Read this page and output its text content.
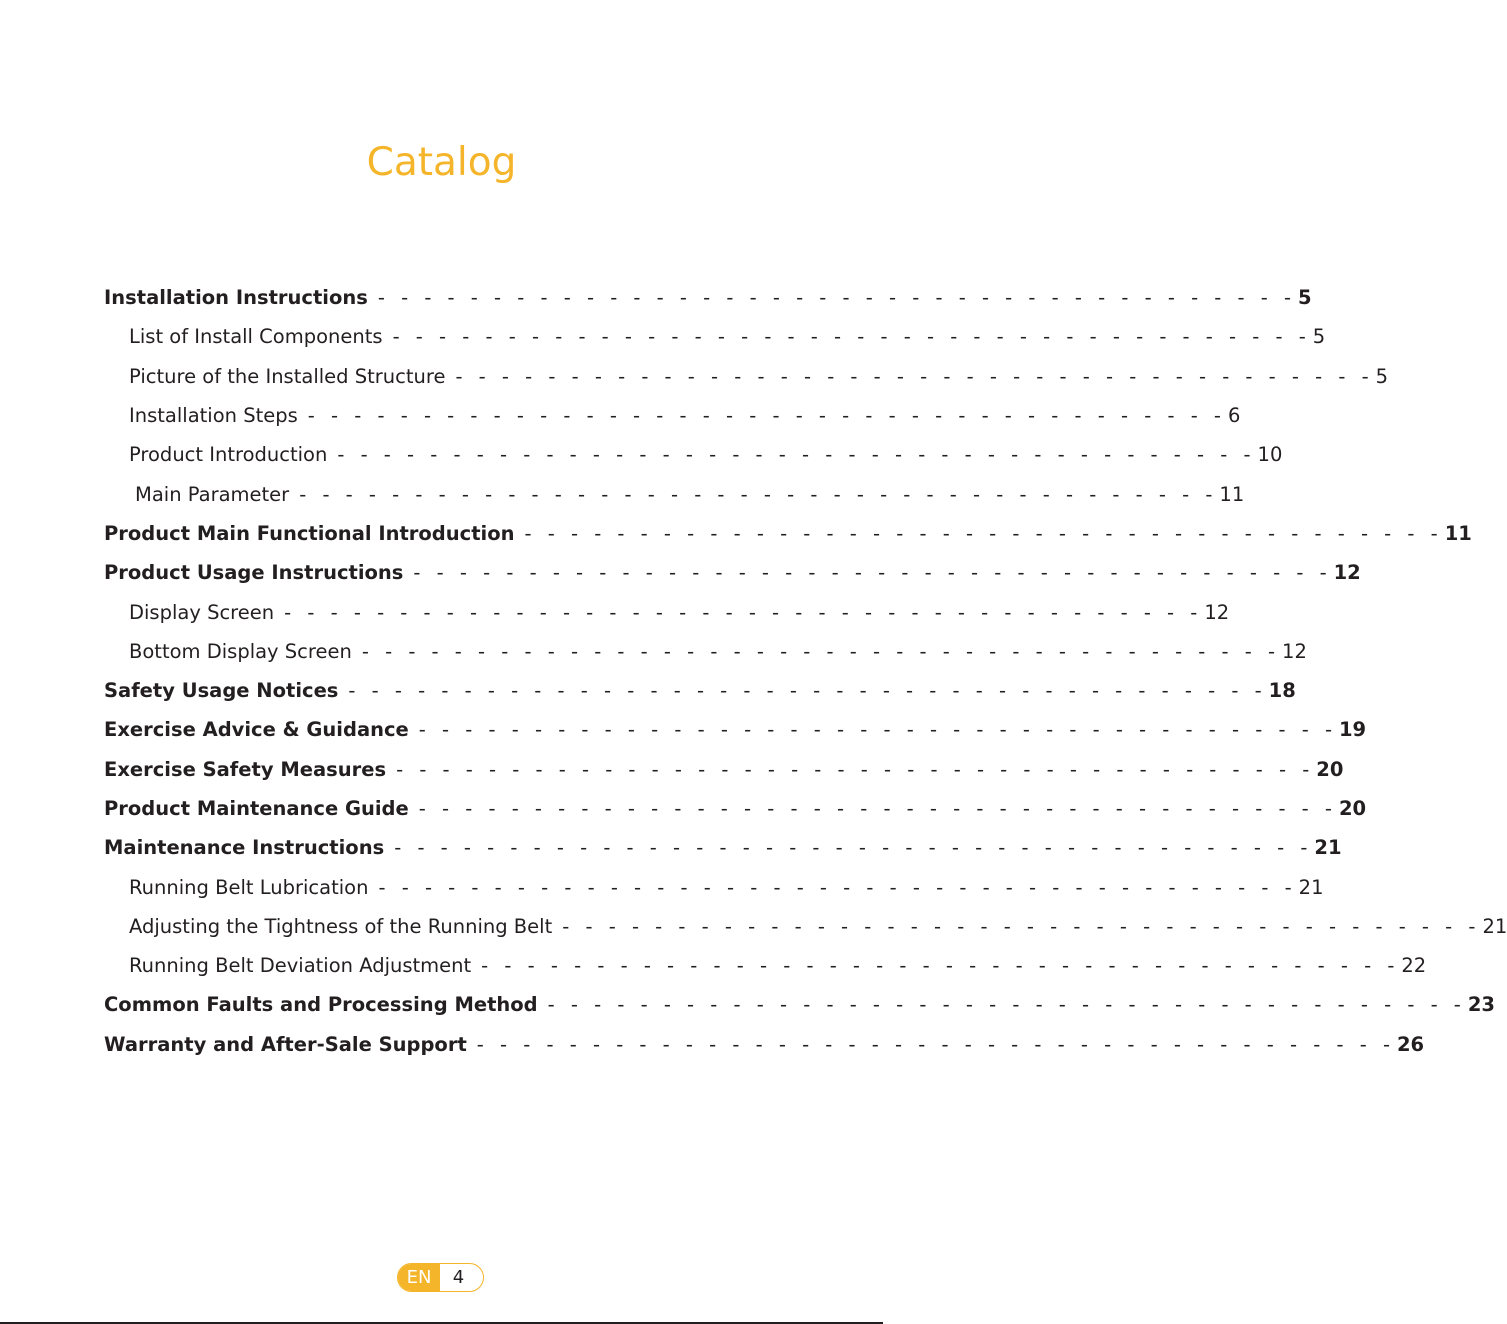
Catalog
Installation Instructions - - - - - - - - - - - - - - - - - - - - - - - - - - - - - - - - - - - - - - - - 5
List of Install Components - - - - - - - - - - - - - - - - - - - - - - - - - - - - - - - - - - - - - - - - 5
Picture of the Installed Structure - - - - - - - - - - - - - - - - - - - - - - - - - - - - - - - - - - - - - - - - 5
Installation Steps - - - - - - - - - - - - - - - - - - - - - - - - - - - - - - - - - - - - - - - - 6
Product Introduction - - - - - - - - - - - - - - - - - - - - - - - - - - - - - - - - - - - - - - - - 10
Main Parameter - - - - - - - - - - - - - - - - - - - - - - - - - - - - - - - - - - - - - - - - 11
Product Main Functional Introduction - - - - - - - - - - - - - - - - - - - - - - - - - - - - - - - - - - - - - - - - 11
Product Usage Instructions - - - - - - - - - - - - - - - - - - - - - - - - - - - - - - - - - - - - - - - - 12
Display Screen - - - - - - - - - - - - - - - - - - - - - - - - - - - - - - - - - - - - - - - - 12
Bottom Display Screen - - - - - - - - - - - - - - - - - - - - - - - - - - - - - - - - - - - - - - - - 12
Safety Usage Notices - - - - - - - - - - - - - - - - - - - - - - - - - - - - - - - - - - - - - - - - 18
Exercise Advice & Guidance - - - - - - - - - - - - - - - - - - - - - - - - - - - - - - - - - - - - - - - - 19
Exercise Safety Measures - - - - - - - - - - - - - - - - - - - - - - - - - - - - - - - - - - - - - - - - 20
Product Maintenance Guide - - - - - - - - - - - - - - - - - - - - - - - - - - - - - - - - - - - - - - - - 20
Maintenance Instructions - - - - - - - - - - - - - - - - - - - - - - - - - - - - - - - - - - - - - - - - 21
Running Belt Lubrication - - - - - - - - - - - - - - - - - - - - - - - - - - - - - - - - - - - - - - - - 21
Adjusting the Tightness of the Running Belt - - - - - - - - - - - - - - - - - - - - - - - - - - - - - - - - - - - - - - - - 21
Running Belt Deviation Adjustment - - - - - - - - - - - - - - - - - - - - - - - - - - - - - - - - - - - - - - - - 22
Common Faults and Processing Method - - - - - - - - - - - - - - - - - - - - - - - - - - - - - - - - - - - - - - - - 23
Warranty and After-Sale Support - - - - - - - - - - - - - - - - - - - - - - - - - - - - - - - - - - - - - - - - 26
EN	4
